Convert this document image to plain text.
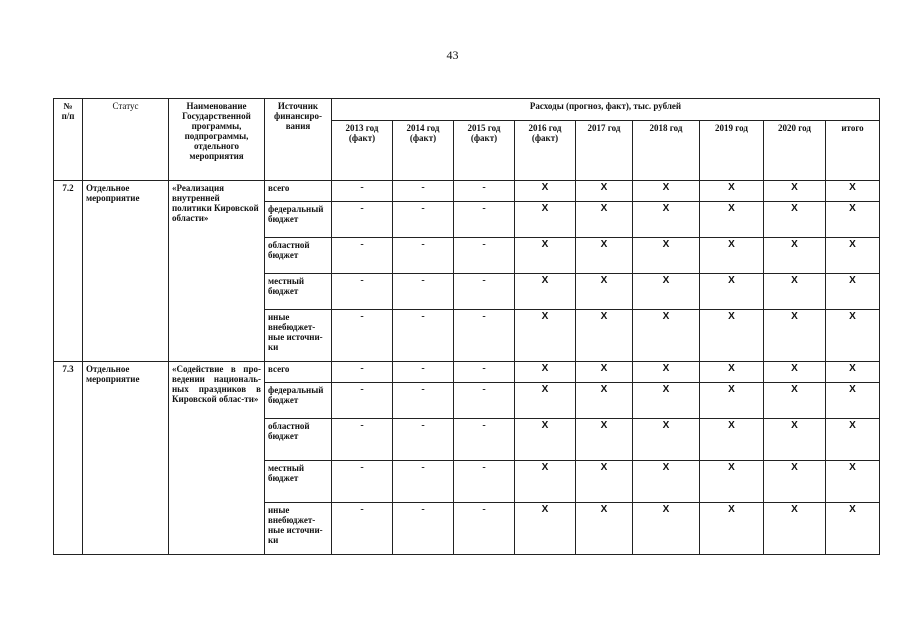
43
№
п/п	Статус	Наименование Государственной программы, подпрограммы, отдельного мероприятия	Источник финансиро-вания	Расходы (прогноз, факт), тыс. рублей								
				2013 год (факт)	2014 год (факт)	2015 год (факт)	2016 год (факт)	2017 год	2018 год	2019 год	2020 год	итого
7.2	Отдельное мероприятие	«Реализация внутренней политики Кировской области»	всего	-	-	-	X	X	X	X	X	X
			федеральный бюджет	-	-	-	X	X	X	X	X	X
			областной бюджет	-	-	-	X	X	X	X	X	X
			местный бюджет	-	-	-	X	X	X	X	X	X
			иные внебюджет-ные источни-ки	-	-	-	X	X	X	X	X	X
7.3	Отдельное мероприятие	«Содействие в про-ведении националь-ных праздников в Кировской облас-ти»	всего	-	-	-	X	X	X	X	X	X
			федеральный бюджет	-	-	-	X	X	X	X	X	X
			областной бюджет	-	-	-	X	X	X	X	X	X
			местный бюджет	-	-	-	X	X	X	X	X	X
			иные внебюджет-ные источни-ки	-	-	-	X	X	X	X	X	X
